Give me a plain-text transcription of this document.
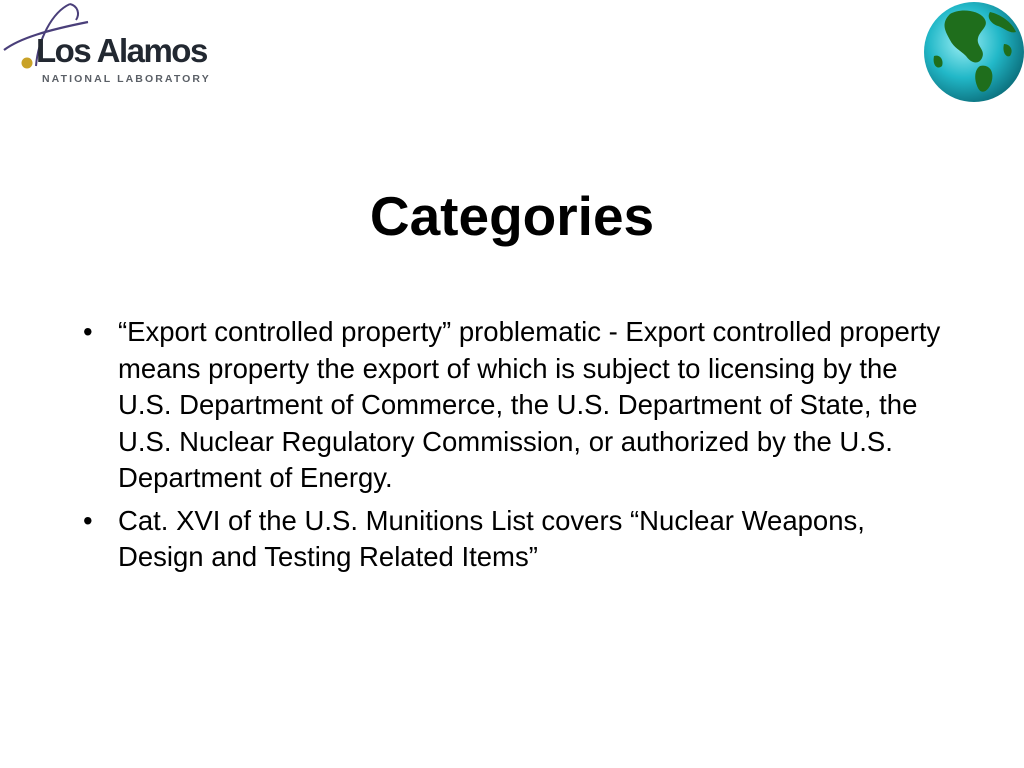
Los Alamos
NATIONAL LABORATORY
Categories
• “Export controlled property” problematic - Export controlled property means property the export of which is subject to licensing by the U.S. Department of Commerce, the U.S. Department of State, the U.S. Nuclear Regulatory Commission, or authorized by the U.S. Department of Energy.
• Cat. XVI of the U.S. Munitions List covers “Nuclear Weapons, Design and Testing Related Items”
